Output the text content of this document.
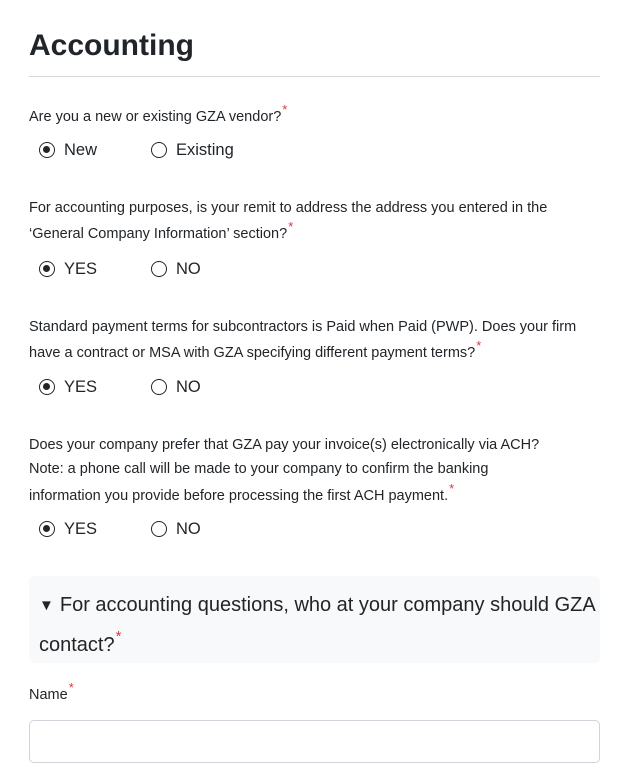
Accounting
Are you a new or existing GZA vendor?*
New	Existing
For accounting purposes, is your remit to address the address you entered in the ‘General Company Information’ section?*
YES	NO
Standard payment terms for subcontractors is Paid when Paid (PWP). Does your firm have a contract or MSA with GZA specifying different payment terms?*
YES	NO
Does your company prefer that GZA pay your invoice(s) electronically via ACH?
Note: a phone call will be made to your company to confirm the banking
information you provide before processing the first ACH payment.*
YES	NO
▼ For accounting questions, who at your company should GZA contact?*
Name*
